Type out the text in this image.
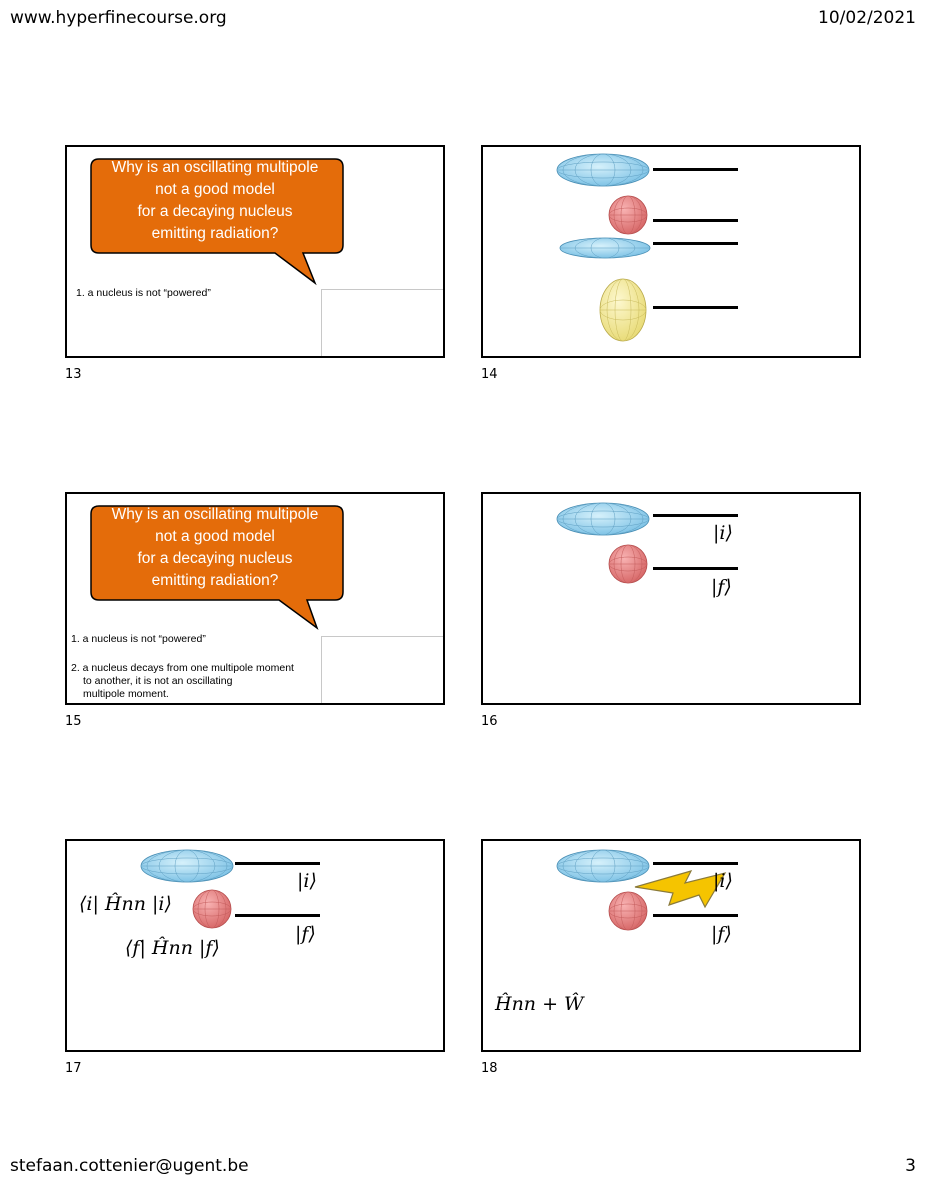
www.hyperfinecourse.org	10/02/2021
Why is an oscillating multipole
not a good model
for a decaying nucleus
emitting radiation?
1. a nucleus is not “powered”
13	14
Why is an oscillating multipole
not a good model
for a decaying nucleus
emitting radiation?
1. a nucleus is not “powered”
2. a nucleus decays from one multipole moment
to another, it is not an oscillating
multipole moment.
15
|i⟩
|f⟩
16
|i⟩
|f⟩
⟨i| Ĥnn |i⟩
⟨f| Ĥnn |f⟩
17
|i⟩
|f⟩
Ĥnn + Ŵ
18
stefaan.cottenier@ugent.be	3
